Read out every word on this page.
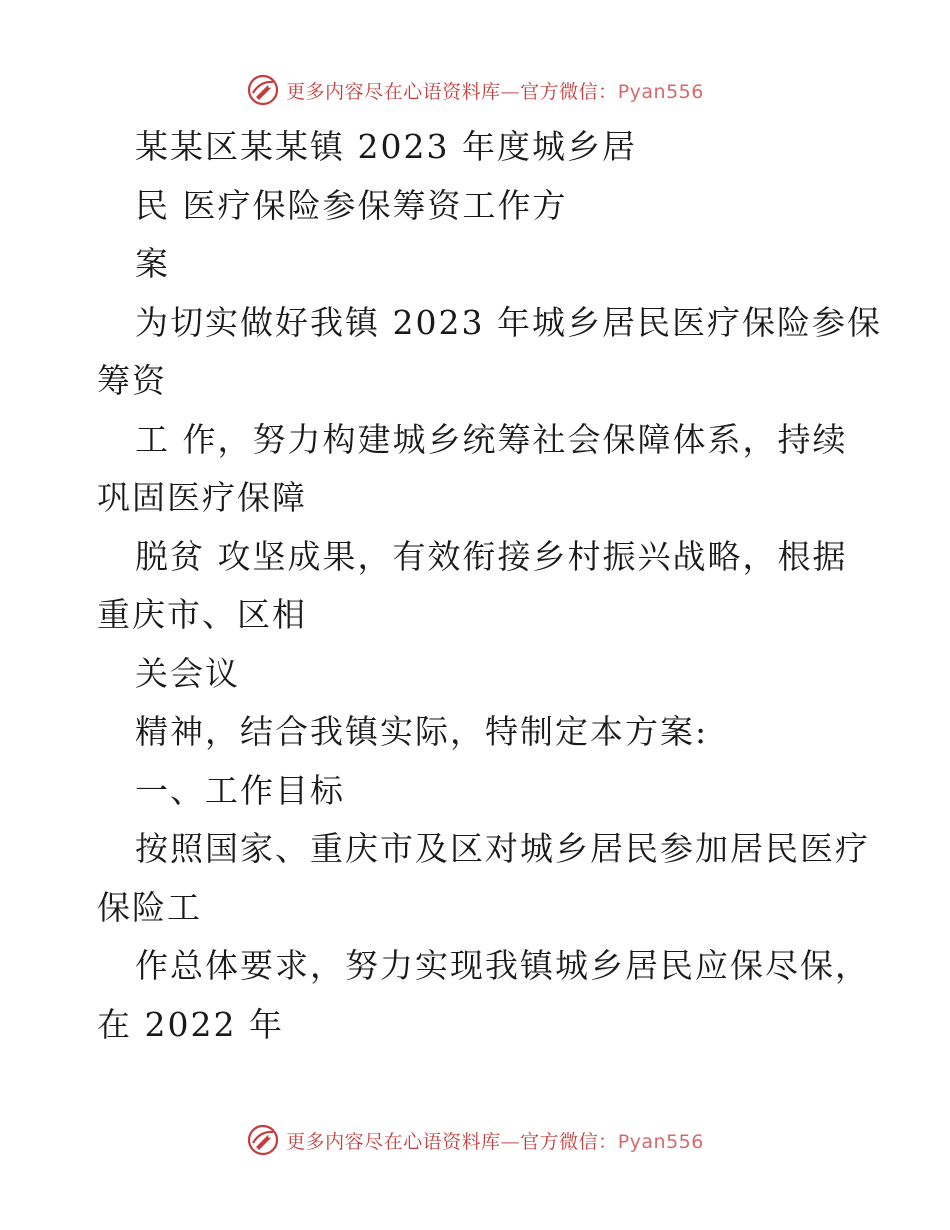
更多内容尽在心语资料库—官方微信：Pyan556
某某区某某镇 2023 年度城乡居
民 医疗保险参保筹资工作方
案
为切实做好我镇 2023 年城乡居民医疗保险参保
筹资
工 作，努力构建城乡统筹社会保障体系，持续
巩固医疗保障
脱贫 攻坚成果，有效衔接乡村振兴战略，根据
重庆市、区相
关会议
精神，结合我镇实际，特制定本方案:
一、工作目标
按照国家、重庆市及区对城乡居民参加居民医疗
保险工
作总体要求，努力实现我镇城乡居民应保尽保，
在 2022 年
更多内容尽在心语资料库—官方微信：Pyan556
